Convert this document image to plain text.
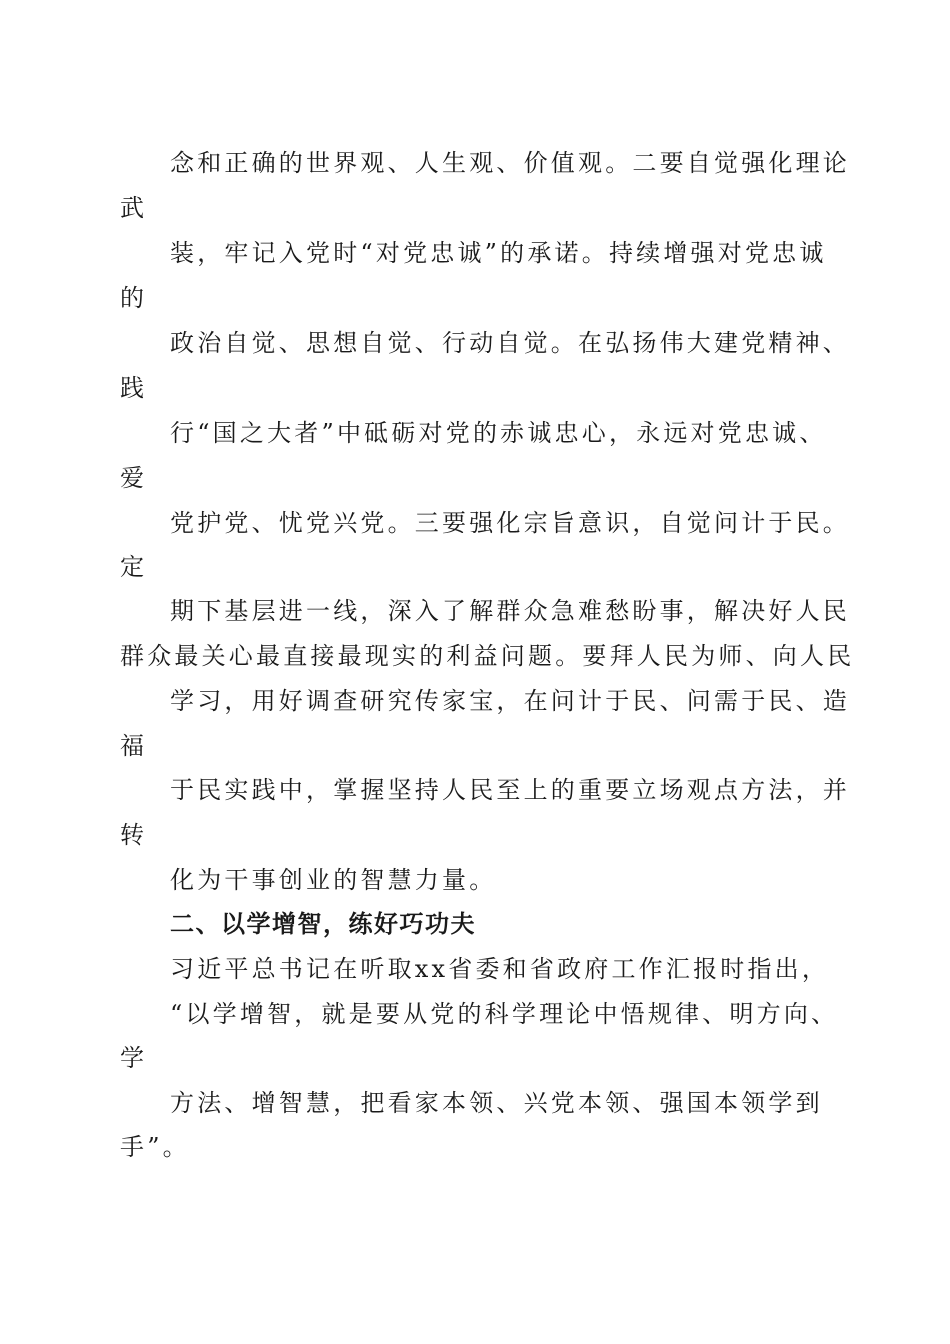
念和正确的世界观、人生观、价值观。二要自觉强化理论
武
装，牢记入党时“对党忠诚”的承诺。持续增强对党忠诚
的
政治自觉、思想自觉、行动自觉。在弘扬伟大建党精神、
践
行“国之大者”中砥砺对党的赤诚忠心，永远对党忠诚、
爱
党护党、忧党兴党。三要强化宗旨意识，自觉问计于民。
定
期下基层进一线，深入了解群众急难愁盼事，解决好人民
群众最关心最直接最现实的利益问题。要拜人民为师、向人民
学习，用好调查研究传家宝，在问计于民、问需于民、造
福
于民实践中，掌握坚持人民至上的重要立场观点方法，并
转
化为干事创业的智慧力量。
二、以学增智，练好巧功夫
习近平总书记在听取xx省委和省政府工作汇报时指出，
“以学增智，就是要从党的科学理论中悟规律、明方向、
学
方法、增智慧，把看家本领、兴党本领、强国本领学到
手”。
